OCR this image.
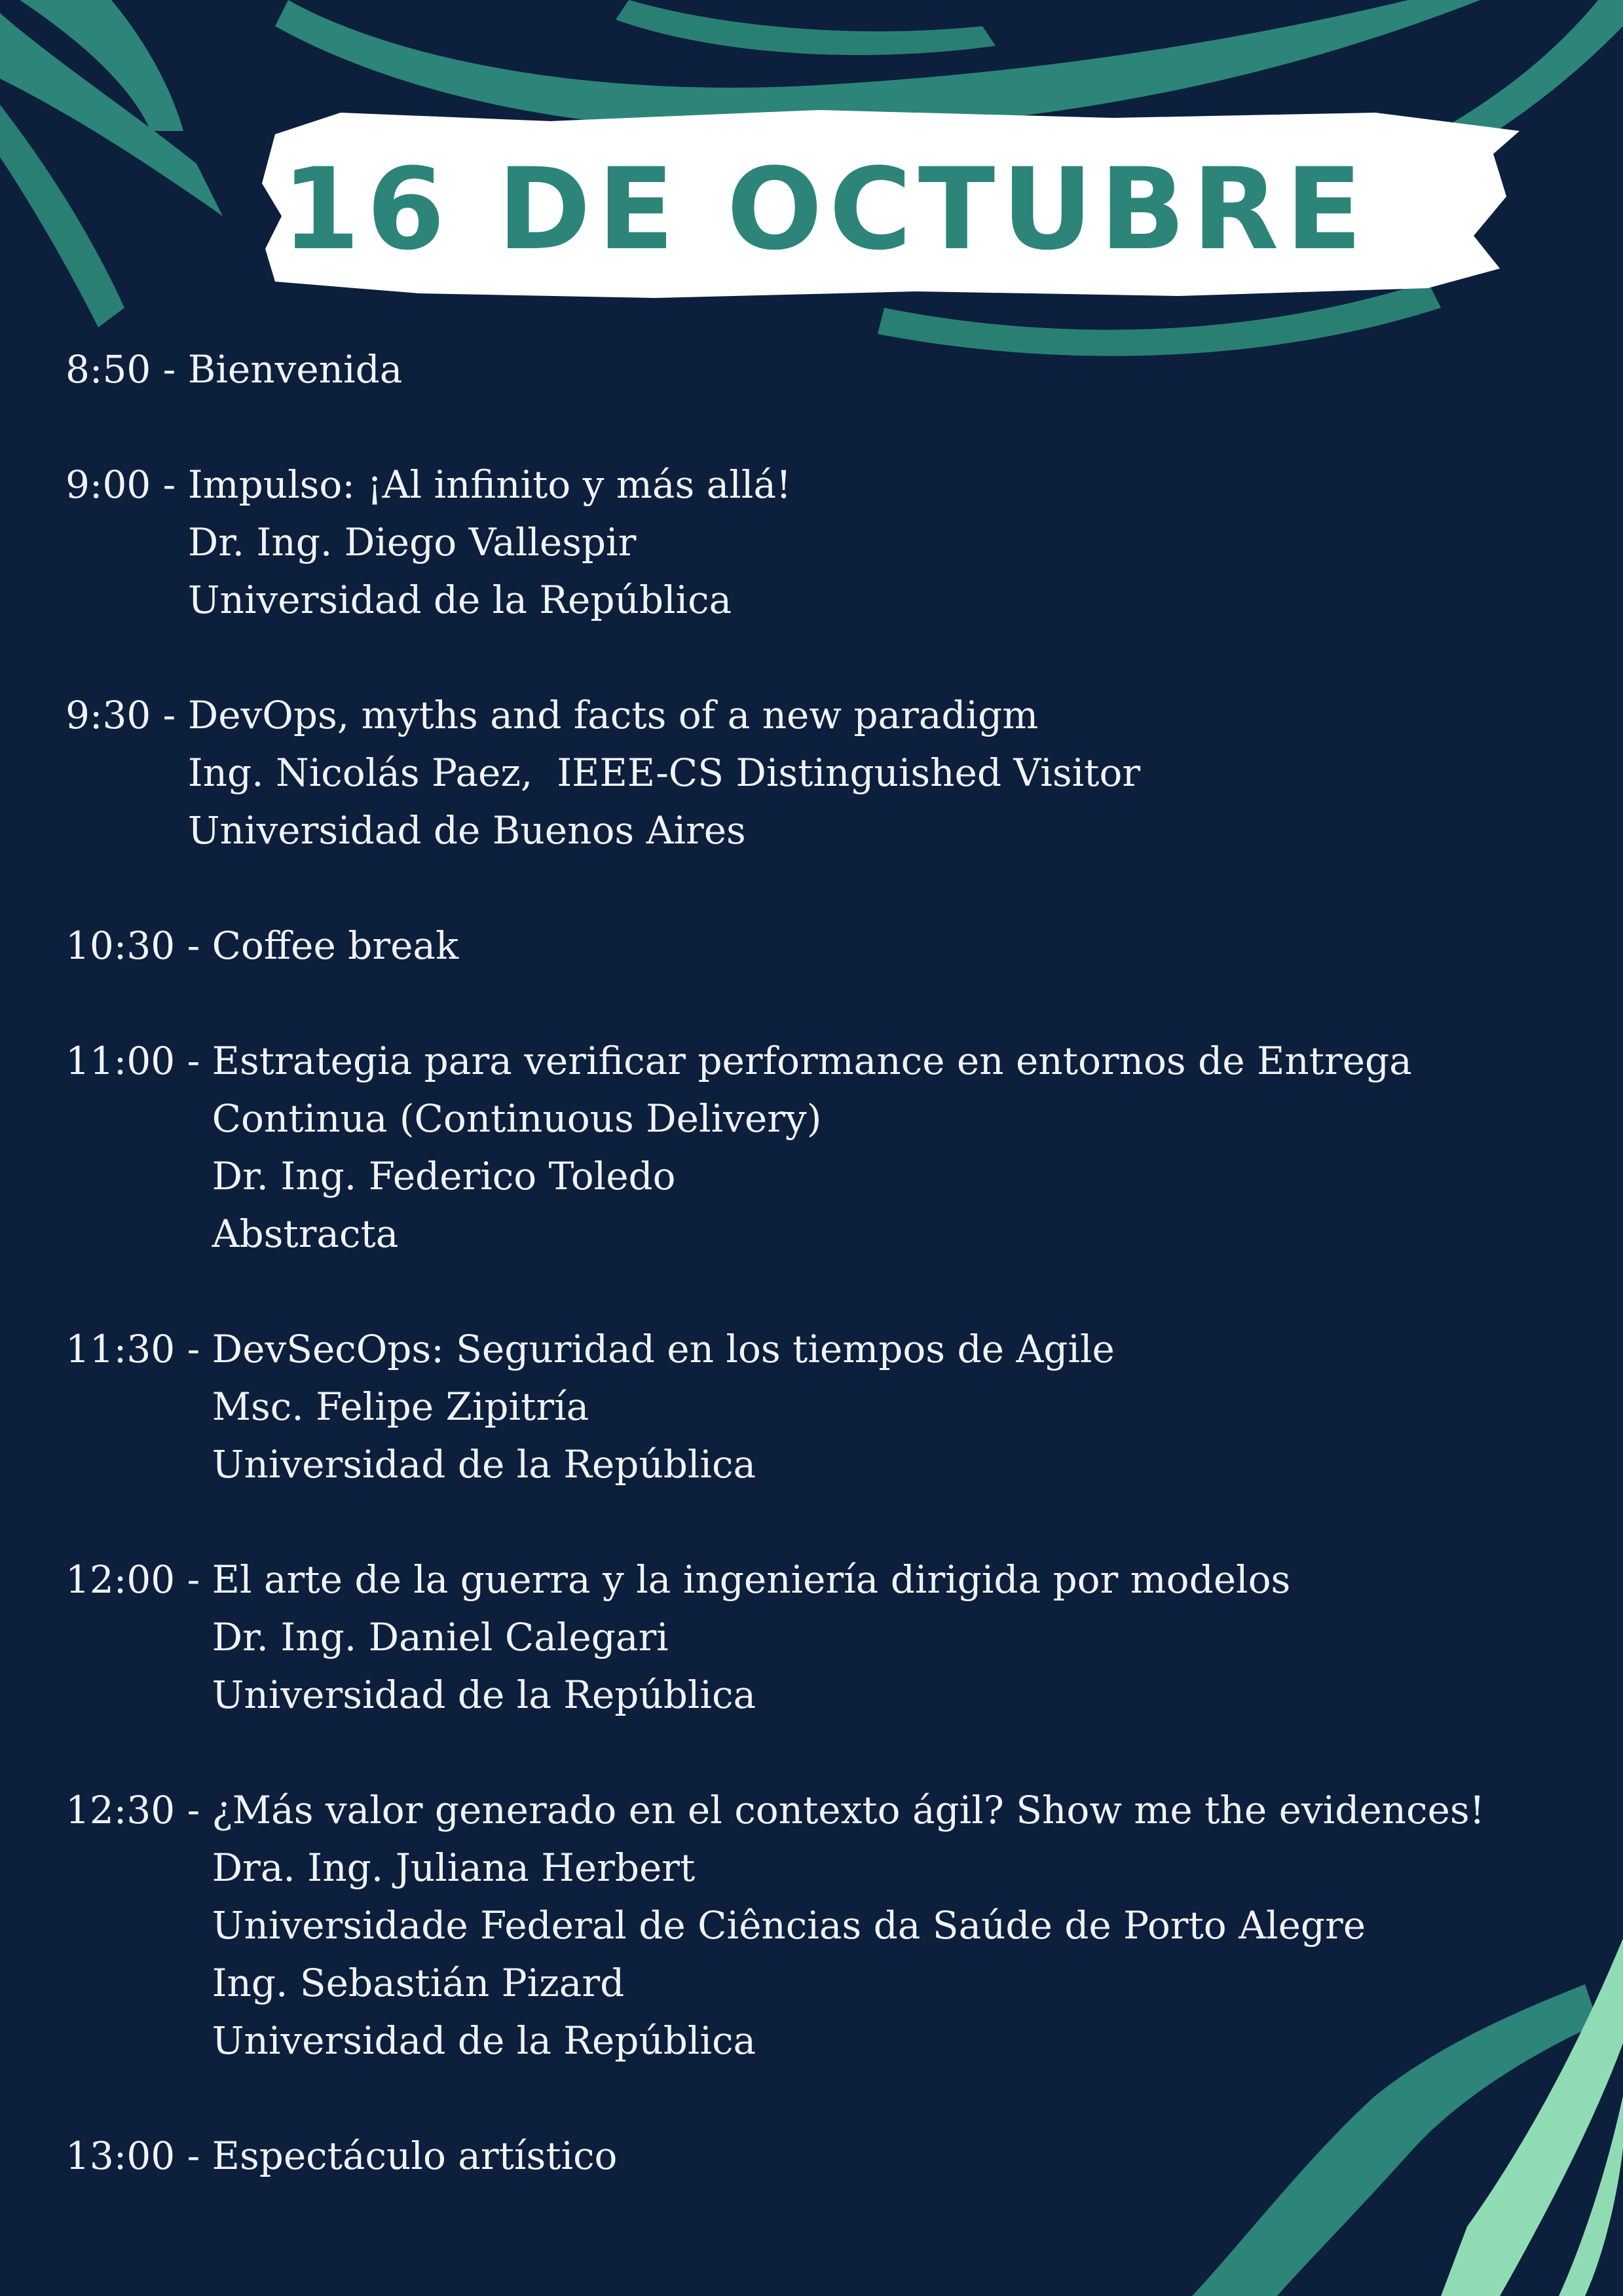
16 DE OCTUBRE
8:50 - Bienvenida
9:00 - Impulso: ¡Al infinito y más allá!
Dr. Ing. Diego Vallespir
Universidad de la República
9:30 - DevOps, myths and facts of a new paradigm
Ing. Nicolás Paez,  IEEE-CS Distinguished Visitor
Universidad de Buenos Aires
10:30 - Coffee break
11:00 - Estrategia para verificar performance en entornos de Entrega
Continua (Continuous Delivery)
Dr. Ing. Federico Toledo
Abstracta
11:30 - DevSecOps: Seguridad en los tiempos de Agile
Msc. Felipe Zipitría
Universidad de la República
12:00 - El arte de la guerra y la ingeniería dirigida por modelos
Dr. Ing. Daniel Calegari
Universidad de la República
12:30 - ¿Más valor generado en el contexto ágil? Show me the evidences!
Dra. Ing. Juliana Herbert
Universidade Federal de Ciências da Saúde de Porto Alegre
Ing. Sebastián Pizard
Universidad de la República
13:00 - Espectáculo artístico
